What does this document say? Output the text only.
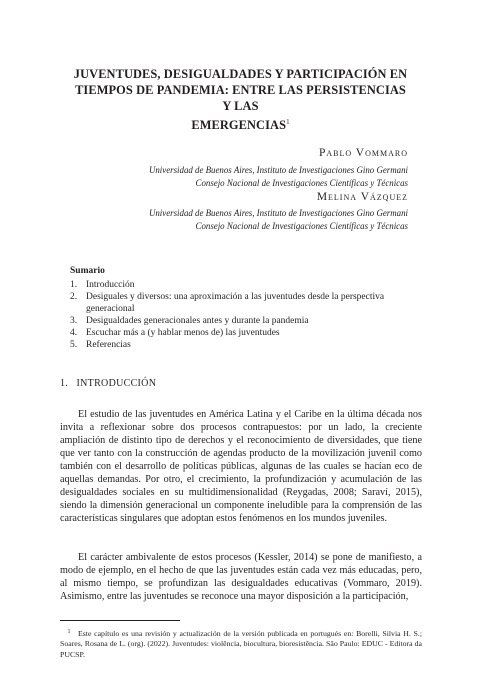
JUVENTUDES, DESIGUALDADES Y PARTICIPACIÓN EN
TIEMPOS DE PANDEMIA: ENTRE LAS PERSISTENCIAS Y LAS
EMERGENCIAS$^1$
Pablo Vommaro
Universidad de Buenos Aires, Instituto de Investigaciones Gino Germani
Consejo Nacional de Investigaciones Científicas y Técnicas
Melina Vázquez
Universidad de Buenos Aires, Instituto de Investigaciones Gino Germani
Consejo Nacional de Investigaciones Científicas y Técnicas
Sumario
1. Introducción
2. Desiguales y diversos: una aproximación a las juventudes desde la perspectiva generacional
3. Desigualdades generacionales antes y durante la pandemia
4. Escuchar más a (y hablar menos de) las juventudes
5. Referencias
1. INTRODUCCIÓN

El estudio de las juventudes en América Latina y el Caribe en la última década nos invita a reflexionar sobre dos procesos contrapuestos: por un lado, la creciente ampliación de distinto tipo de derechos y el reconocimiento de diversidades, que tiene que ver tanto con la construcción de agendas producto de la movilización juvenil como también con el desarrollo de políticas públicas, algunas de las cuales se hacían eco de aquellas demandas. Por otro, el crecimiento, la profundización y acumulación de las desigualdades sociales en su multidimensionalidad (Reygadas, 2008; Saraví, 2015), siendo la dimensión generacional un componente ineludible para la comprensión de las características singulares que adoptan estos fenómenos en los mundos juveniles.

El carácter ambivalente de estos procesos (Kessler, 2014) se pone de manifiesto, a modo de ejemplo, en el hecho de que las juventudes están cada vez más educadas, pero, al mismo tiempo, se profundizan las desigualdades educativas (Vommaro, 2019). Asimismo, entre las juventudes se reconoce una mayor disposición a la participación,

1 Este capítulo es una revisión y actualización de la versión publicada en portugués en: Borelli, Silvia H. S.; Soares, Rosana de L. (org). (2022). Juventudes: violência, biocultura, bioresistência. São Paulo: EDUC - Editora da PUCSP.
